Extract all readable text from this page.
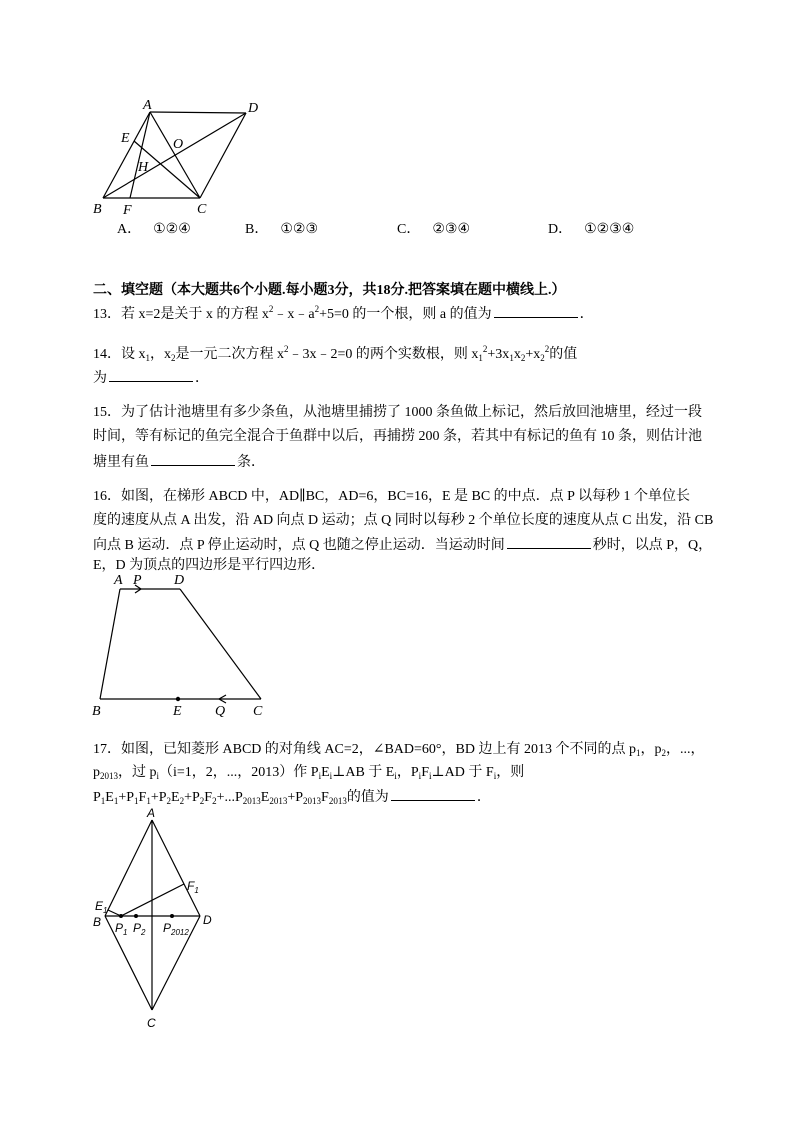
A	D
E	O
H
B F	C
A． ①②④	B． ①②③	C． ②③④	D． ①②③④
二、填空题（本大题共6个小题.每小题3分，共18分.把答案填在题中横线上.）
13．若 x=2是关于 x 的方程 $x^2﹣x﹣a^2+5=0$ 的一个根，则 a 的值为	．
14．设 $x_1$，$x_2$是一元二次方程 $x^2﹣3x﹣2=0$ 的两个实数根，则 $x_1^2+3x_1x_2+x_2^2$的值
为	．
15．为了估计池塘里有多少条鱼，从池塘里捕捞了 1000 条鱼做上标记，然后放回池塘里，经过一段
时间，等有标记的鱼完全混合于鱼群中以后，再捕捞 200 条，若其中有标记的鱼有 10 条，则估计池
塘里有鱼	条．
16．如图，在梯形 ABCD 中，AD∥BC，AD=6，BC=16，E 是 BC 的中点．点 P 以每秒 1 个单位长
度的速度从点 A 出发，沿 AD 向点 D 运动；点 Q 同时以每秒 2 个单位长度的速度从点 C 出发，沿 CB
向点 B 运动．点 P 停止运动时，点 Q 也随之停止运动．当运动时间	秒时，以点 P，Q，
E，D 为顶点的四边形是平行四边形．
A P D
B	E Q C
17．如图，已知菱形 ABCD 的对角线 AC=2，∠BAD=60°，BD 边上有 2013 个不同的点 $p_1$，$p_2$，...，
$p_{2013}$，过 $p_i(i=1$，2，...，2013）作 $P_iE_i\perp AB$ 于 $E_i$，$P_iF_i\perp AD$ 于 $F_i$，则
$P_1E_1+P_1F_1+P_2E_2+P_2F_2+...P_{2013}E_{2013}+P_{2013}F_{2013}$的值为	．
A
B	D
C
$E_1$
$F_1$
$P_1$ $P_2$ $P_{2012}$
